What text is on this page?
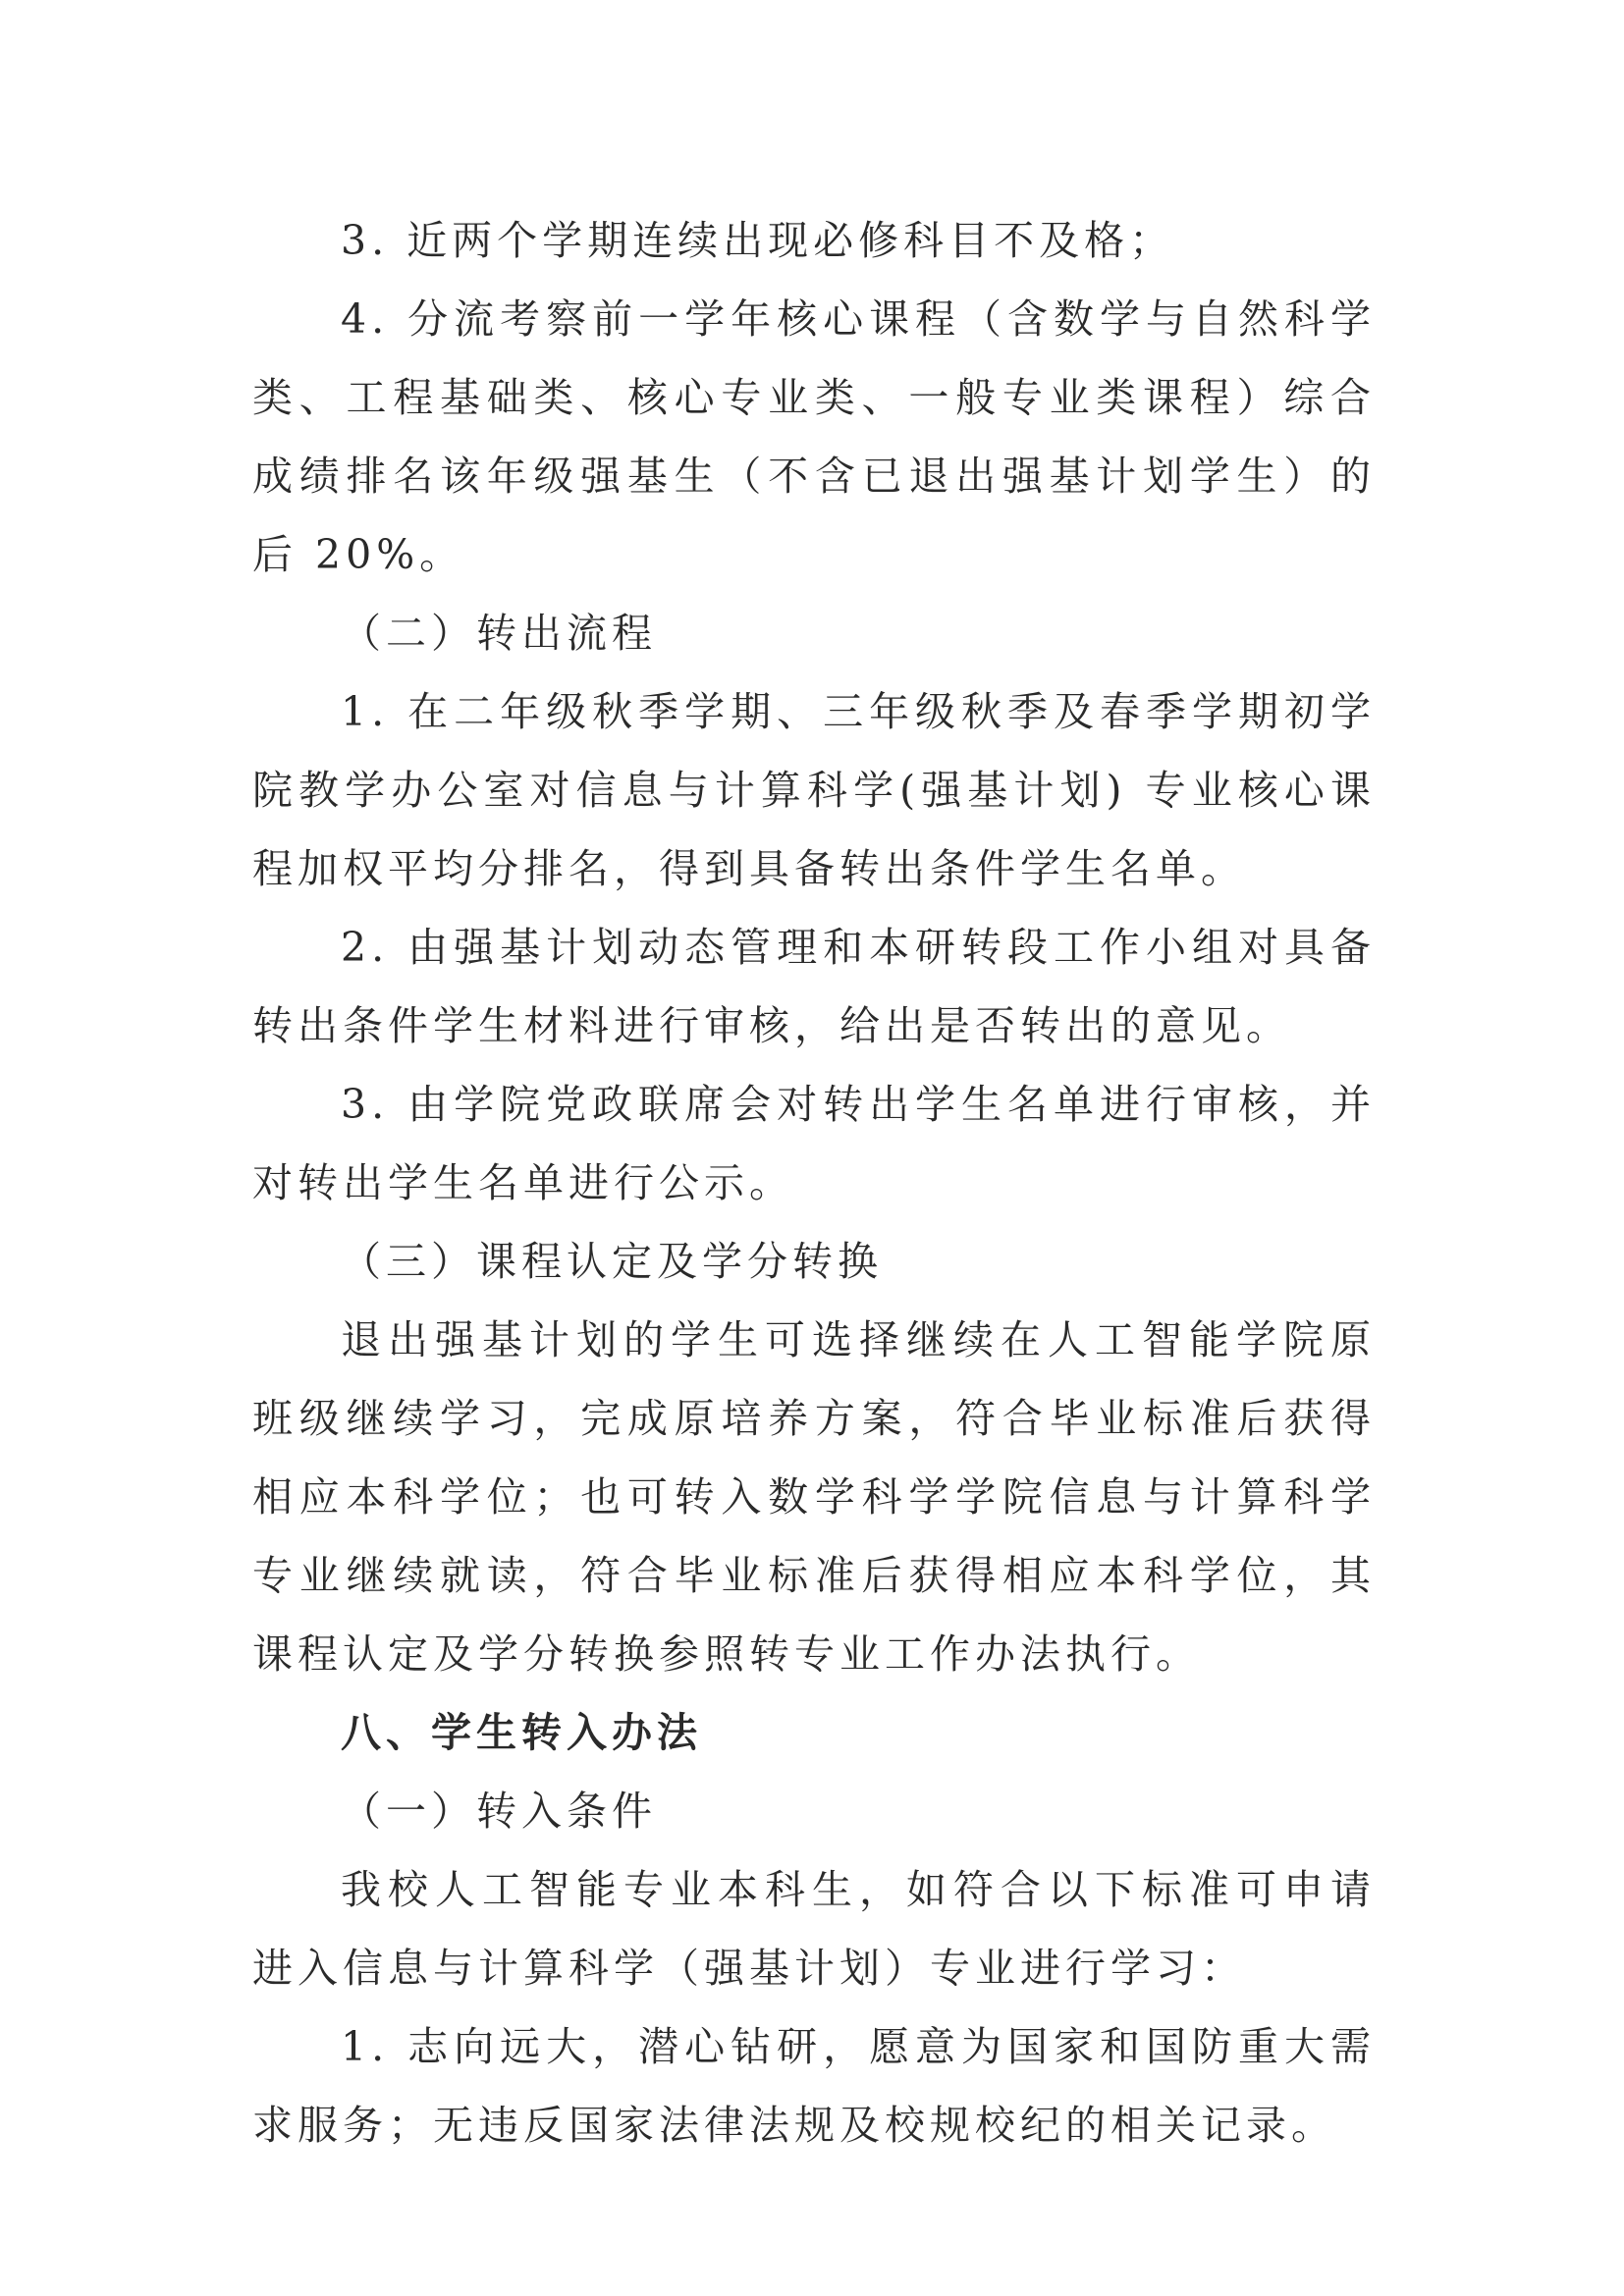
3. 近两个学期连续出现必修科目不及格；

4. 分流考察前一学年核心课程（含数学与自然科学类、工程基础类、核心专业类、一般专业类课程）综合成绩排名该年级强基生（不含已退出强基计划学生）的后 20%。

（二）转出流程

1. 在二年级秋季学期、三年级秋季及春季学期初学院教学办公室对信息与计算科学(强基计划) 专业核心课程加权平均分排名，得到具备转出条件学生名单。

2. 由强基计划动态管理和本研转段工作小组对具备转出条件学生材料进行审核，给出是否转出的意见。

3. 由学院党政联席会对转出学生名单进行审核，并对转出学生名单进行公示。

（三）课程认定及学分转换

退出强基计划的学生可选择继续在人工智能学院原班级继续学习，完成原培养方案，符合毕业标准后获得相应本科学位；也可转入数学科学学院信息与计算科学专业继续就读，符合毕业标准后获得相应本科学位，其课程认定及学分转换参照转专业工作办法执行。

八、学生转入办法

（一）转入条件

我校人工智能专业本科生，如符合以下标准可申请进入信息与计算科学（强基计划）专业进行学习：

1. 志向远大，潜心钻研，愿意为国家和国防重大需求服务；无违反国家法律法规及校规校纪的相关记录。
